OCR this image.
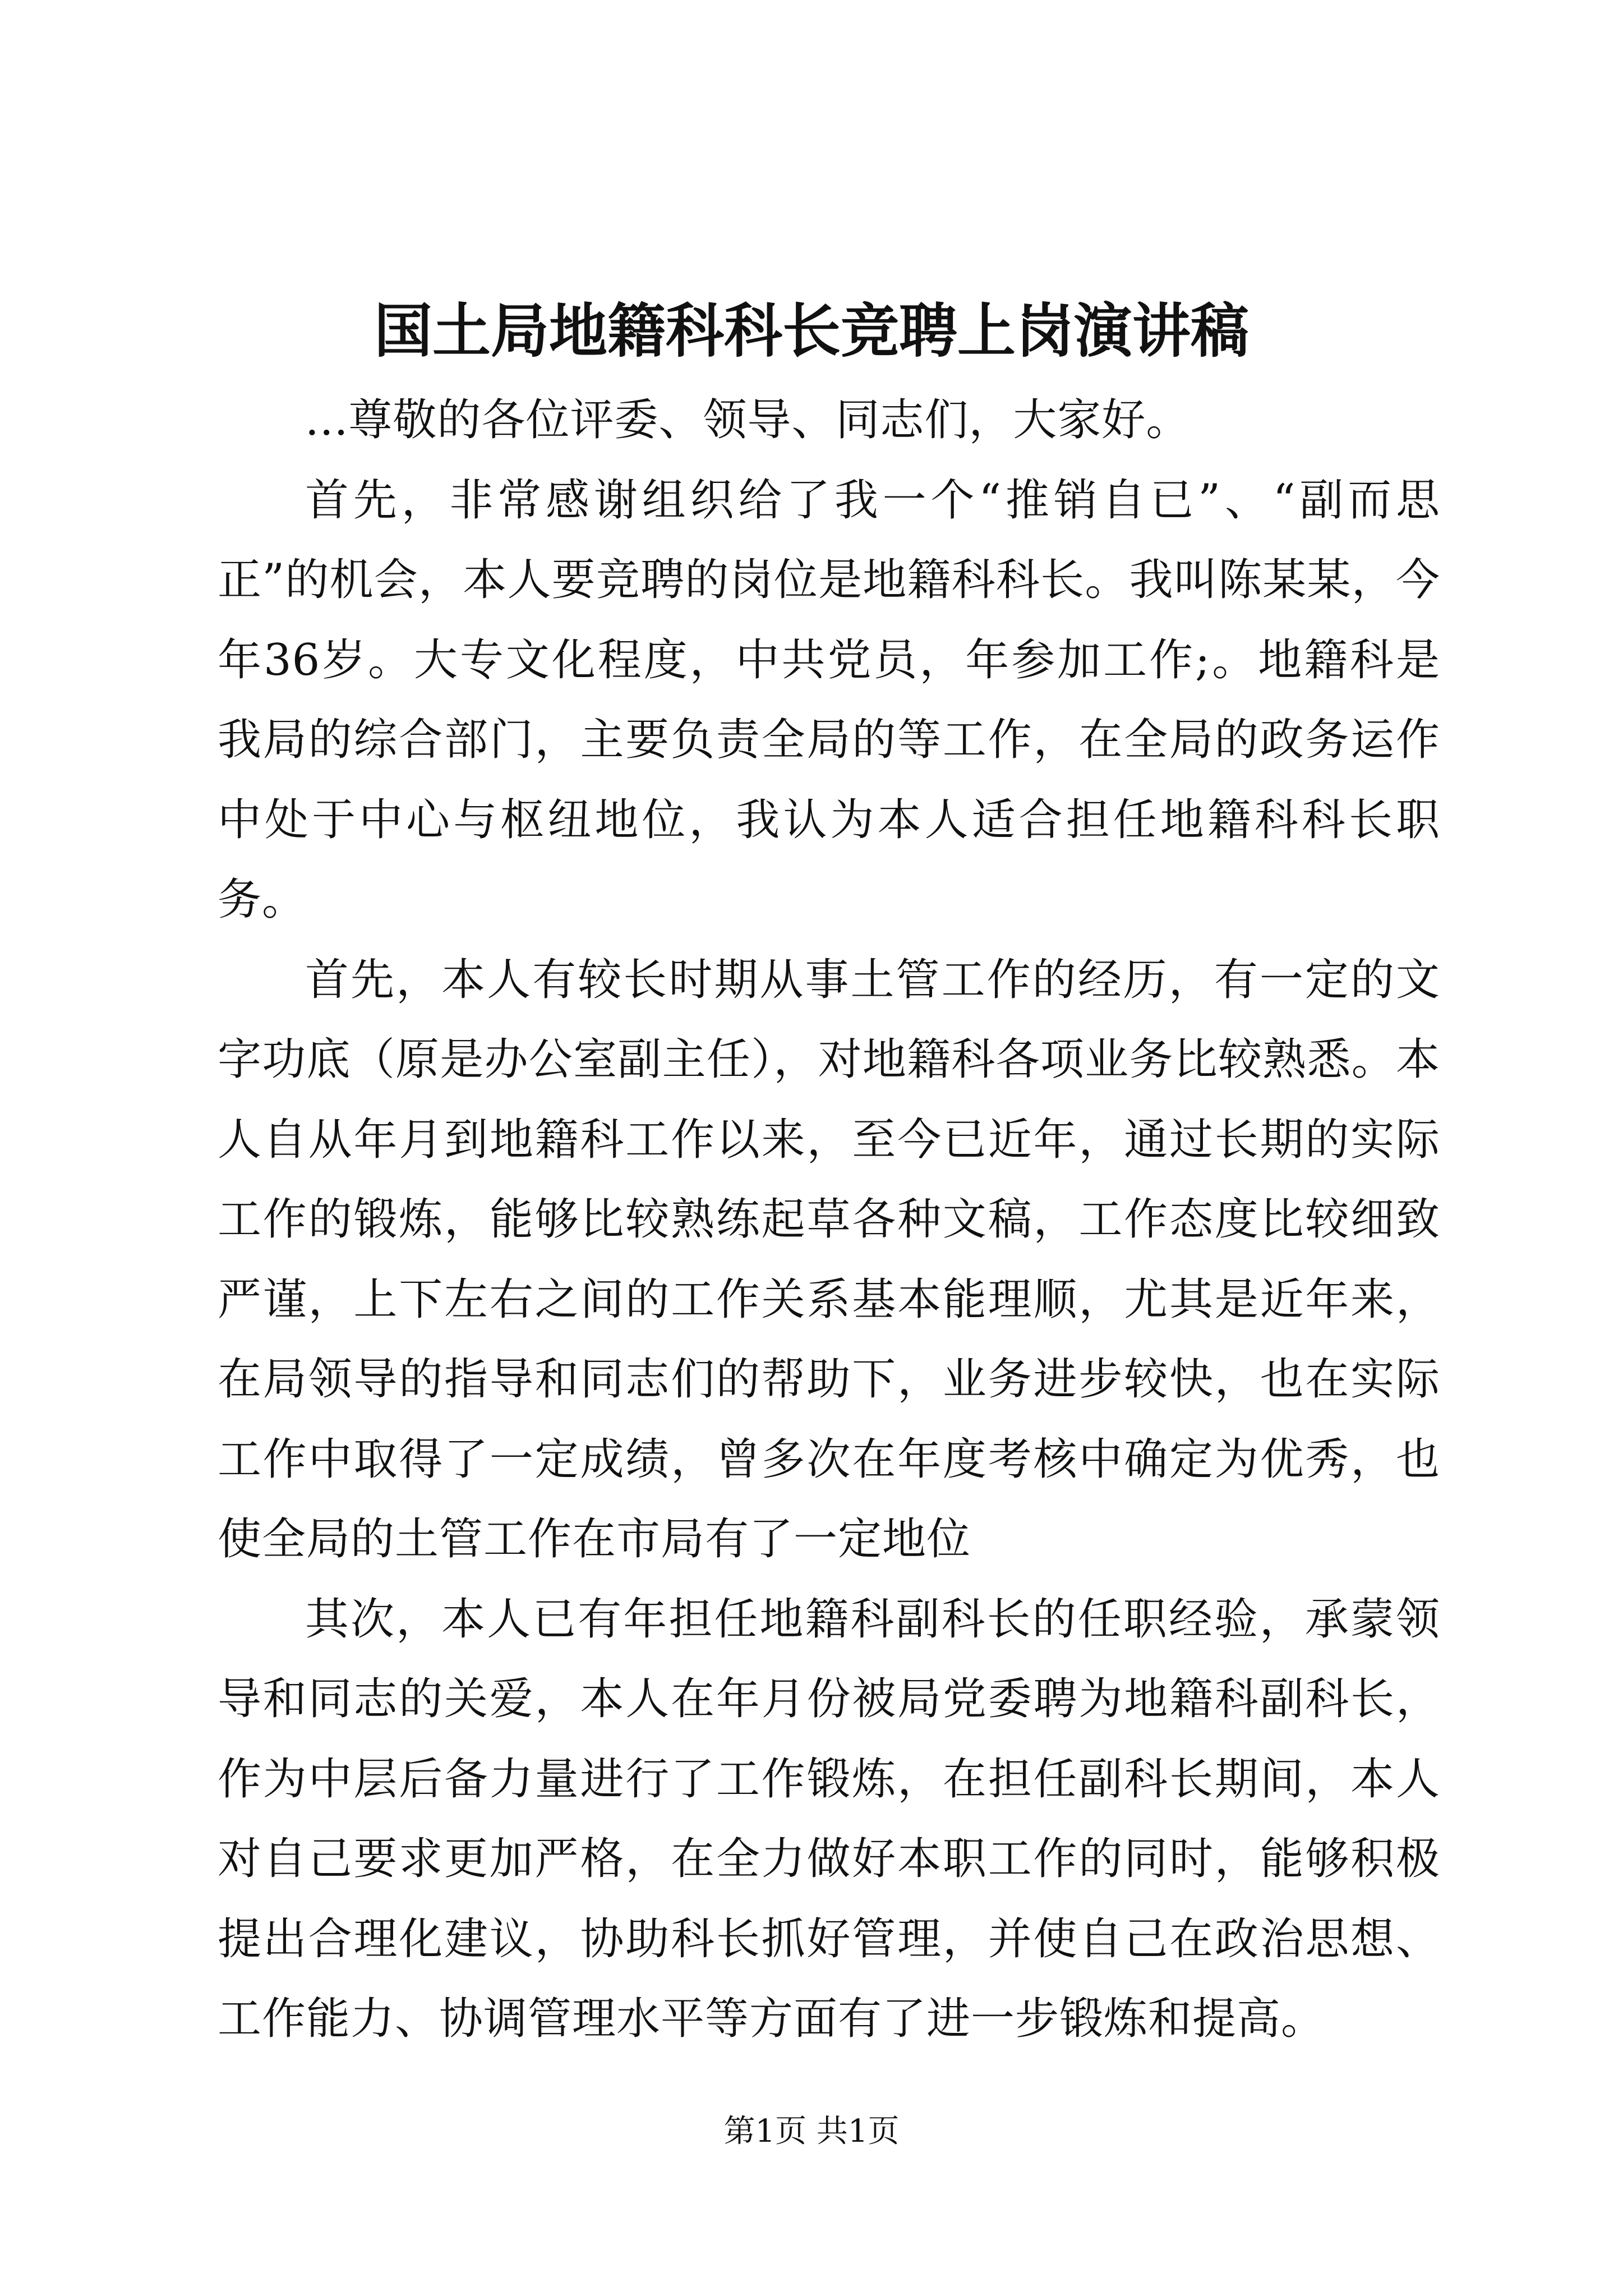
国土局地籍科科长竞聘上岗演讲稿

...尊敬的各位评委、领导、同志们，大家好。

首先，非常感谢组织给了我一个“推销自已”、“副而思正”的机会，本人要竞聘的岗位是地籍科科长。我叫陈某某，今年36岁。大专文化程度，中共党员，年参加工作;。地籍科是我局的综合部门，主要负责全局的等工作，在全局的政务运作中处于中心与枢纽地位，我认为本人适合担任地籍科科长职务。

首先，本人有较长时期从事土管工作的经历，有一定的文字功底（原是办公室副主任），对地籍科各项业务比较熟悉。本人自从年月到地籍科工作以来，至今已近年，通过长期的实际工作的锻炼，能够比较熟练起草各种文稿，工作态度比较细致严谨，上下左右之间的工作关系基本能理顺，尤其是近年来，在局领导的指导和同志们的帮助下，业务进步较快，也在实际工作中取得了一定成绩，曾多次在年度考核中确定为优秀，也使全局的土管工作在市局有了一定地位

其次，本人已有年担任地籍科副科长的任职经验，承蒙领导和同志的关爱，本人在年月份被局党委聘为地籍科副科长，作为中层后备力量进行了工作锻炼，在担任副科长期间，本人对自己要求更加严格，在全力做好本职工作的同时，能够积极提出合理化建议，协助科长抓好管理，并使自己在政治思想、工作能力、协调管理水平等方面有了进一步锻炼和提高。

第1页 共1页
